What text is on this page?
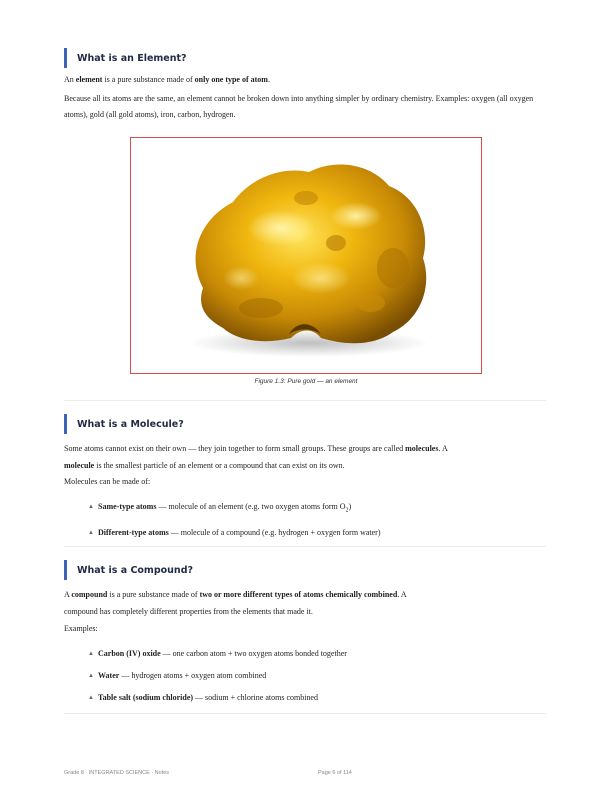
What is an Element?

An element is a pure substance made of only one type of atom.

Because all its atoms are the same, an element cannot be broken down into anything simpler by ordinary chemistry. Examples: oxygen (all oxygen atoms), gold (all gold atoms), iron, carbon, hydrogen.

Figure 1.3: Pure gold — an element
What is a Molecule?

Some atoms cannot exist on their own — they join together to form small groups. These groups are called molecules. A

molecule is the smallest particle of an element or a compound that can exist on its own.

Molecules can be made of:

▲ Same-type atoms — molecule of an element (e.g. two oxygen atoms form $O_2$)
▲ Different-type atoms — molecule of a compound (e.g. hydrogen + oxygen form water)
What is a Compound?

A compound is a pure substance made of two or more different types of atoms chemically combined. A

compound has completely different properties from the elements that made it.

Examples:

▲ Carbon (IV) oxide — one carbon atom + two oxygen atoms bonded together
▲ Water — hydrogen atoms + oxygen atom combined
▲ Table salt (sodium chloride) — sodium + chlorine atoms combined
Grade 8 · INTEGRATED SCIENCE · Notes	Page 6 of 114
